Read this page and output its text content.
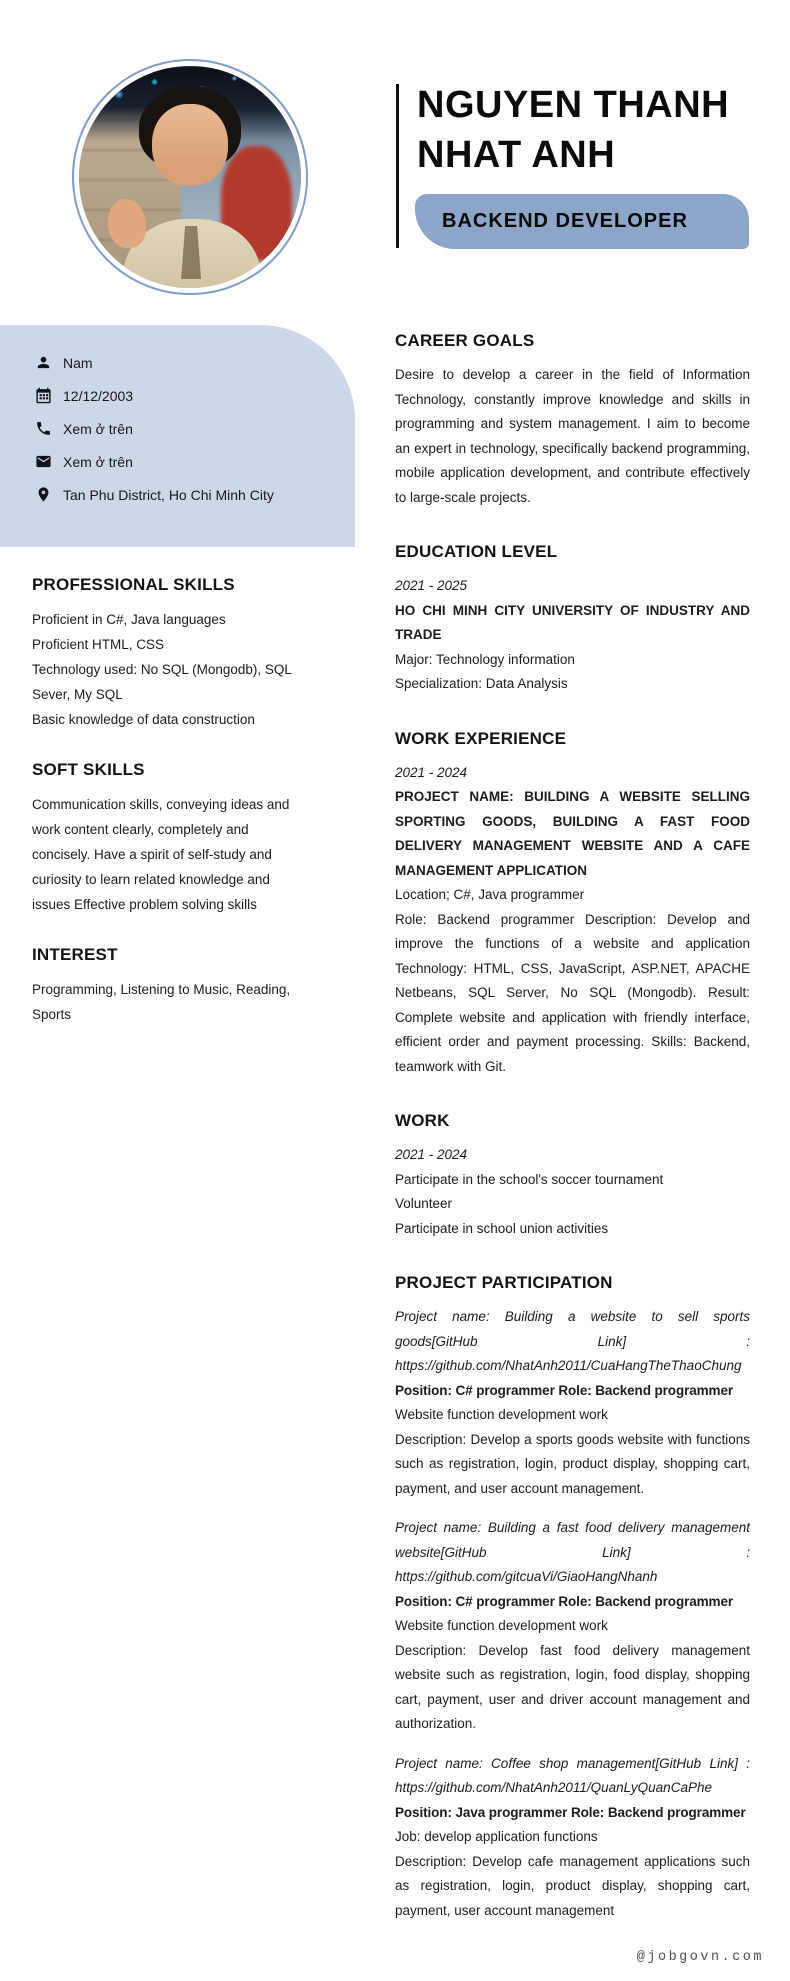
NGUYEN THANH
NHAT ANH
BACKEND DEVELOPER
Nam
12/12/2003
Xem ở trên
Xem ở trên
Tan Phu District, Ho Chi Minh City
PROFESSIONAL SKILLS

Proficient in C#, Java languages

Proficient HTML, CSS

Technology used: No SQL (Mongodb), SQL Sever, My SQL

Basic knowledge of data construction

SOFT SKILLS

Communication skills, conveying ideas and work content clearly, completely and concisely. Have a spirit of self-study and curiosity to learn related knowledge and issues Effective problem solving skills

INTEREST

Programming, Listening to Music, Reading, Sports

CAREER GOALS

Desire to develop a career in the field of Information Technology, constantly improve knowledge and skills in programming and system management. I aim to become an expert in technology, specifically backend programming, mobile application development, and contribute effectively to large-scale projects.

EDUCATION LEVEL

2021 - 2025

HO CHI MINH CITY UNIVERSITY OF INDUSTRY AND TRADE

Major: Technology information

Specialization: Data Analysis

WORK EXPERIENCE

2021 - 2024

PROJECT NAME: BUILDING A WEBSITE SELLING SPORTING GOODS, BUILDING A FAST FOOD DELIVERY MANAGEMENT WEBSITE AND A CAFE MANAGEMENT APPLICATION

Location; C#, Java programmer

Role: Backend programmer Description: Develop and improve the functions of a website and application Technology: HTML, CSS, JavaScript, ASP.NET, APACHE Netbeans, SQL Server, No SQL (Mongodb). Result: Complete website and application with friendly interface, efficient order and payment processing. Skills: Backend, teamwork with Git.

WORK

2021 - 2024

Participate in the school's soccer tournament

Volunteer

Participate in school union activities

PROJECT PARTICIPATION

Project name: Building a website to sell sports goods[GitHub Link] : https://github.com/NhatAnh2011/CuaHangTheThaoChung

Position: C# programmer Role: Backend programmer

Website function development work

Description: Develop a sports goods website with functions such as registration, login, product display, shopping cart, payment, and user account management.

Project name: Building a fast food delivery management website[GitHub Link] : https://github.com/gitcuaVi/GiaoHangNhanh

Position: C# programmer Role: Backend programmer

Website function development work

Description: Develop fast food delivery management website such as registration, login, food display, shopping cart, payment, user and driver account management and authorization.

Project name: Coffee shop management[GitHub Link] : https://github.com/NhatAnh2011/QuanLyQuanCaPhe

Position: Java programmer Role: Backend programmer

Job: develop application functions

Description: Develop cafe management applications such as registration, login, product display, shopping cart, payment, user account management

@jobgovn.com
